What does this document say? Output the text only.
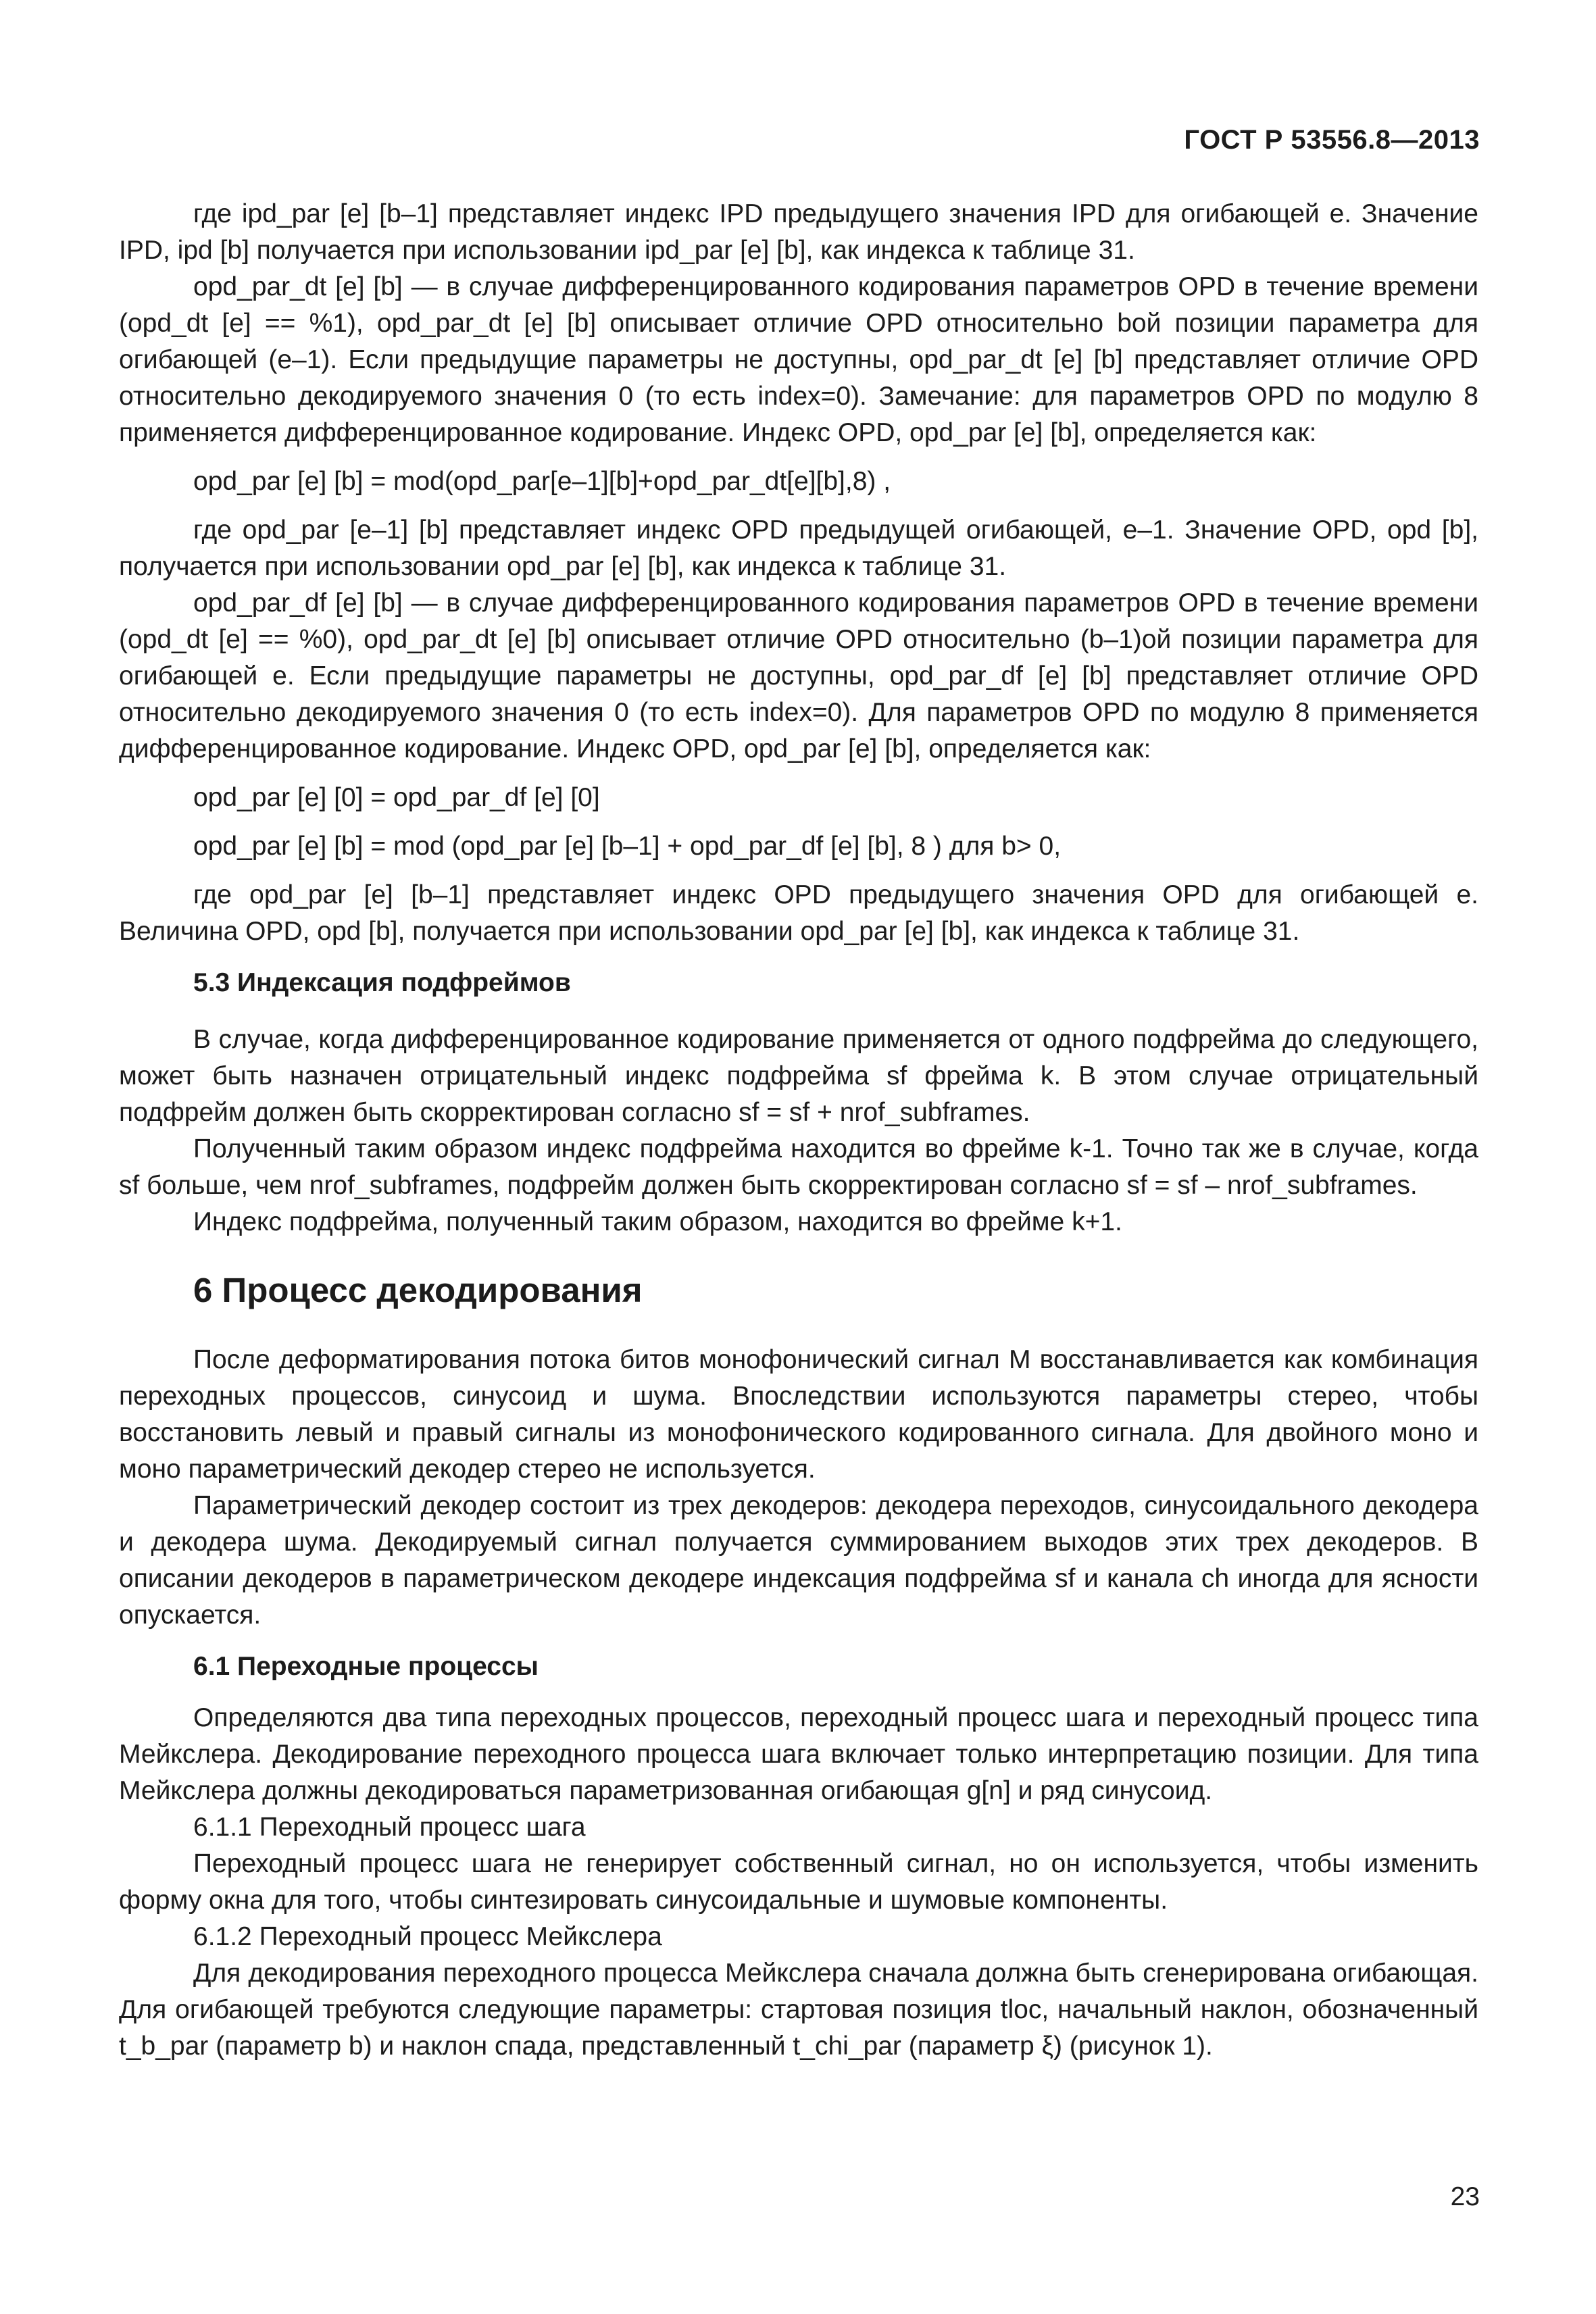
ГОСТ Р 53556.8—2013

где ipd_par [e] [b–1] представляет индекс IPD предыдущего значения IPD для огибающей e. Значение IPD, ipd [b] получается при использовании ipd_par [e] [b], как индекса к таблице 31.

opd_par_dt [e] [b] — в случае дифференцированного кодирования параметров OPD в течение времени (opd_dt [e] == %1), opd_par_dt [e] [b] описывает отличие OPD относительно bой позиции параметра для огибающей (e–1). Если предыдущие параметры не доступны, opd_par_dt [e] [b] представляет отличие OPD относительно декодируемого значения 0 (то есть index=0). Замечание: для параметров OPD по модулю 8 применяется дифференцированное кодирование. Индекс OPD, opd_par [e] [b], определяется как:

opd_par [e] [b] = mod(opd_par[e–1][b]+opd_par_dt[e][b],8) ,

где opd_par [e–1] [b] представляет индекс OPD предыдущей огибающей, e–1. Значение OPD, opd [b], получается при использовании opd_par [e] [b], как индекса к таблице 31.

opd_par_df [e] [b] — в случае дифференцированного кодирования параметров OPD в течение времени (opd_dt [e] == %0), opd_par_dt [e] [b] описывает отличие OPD относительно (b–1)ой позиции параметра для огибающей e. Если предыдущие параметры не доступны, opd_par_df [e] [b] представляет отличие OPD относительно декодируемого значения 0 (то есть index=0). Для параметров OPD по модулю 8 применяется дифференцированное кодирование. Индекс OPD, opd_par [e] [b], определяется как:

opd_par [e] [0] = opd_par_df [e] [0]

opd_par [e] [b] = mod (opd_par [e] [b–1] + opd_par_df [e] [b], 8 ) для b> 0,

где opd_par [e] [b–1] представляет индекс OPD предыдущего значения OPD для огибающей e. Величина OPD, opd [b], получается при использовании opd_par [e] [b], как индекса к таблице 31.

5.3 Индексация подфреймов

В случае, когда дифференцированное кодирование применяется от одного подфрейма до следующего, может быть назначен отрицательный индекс подфрейма sf фрейма k. В этом случае отрицательный подфрейм должен быть скорректирован согласно sf = sf + nrof_subframes.

Полученный таким образом индекс подфрейма находится во фрейме k-1. Точно так же в случае, когда sf больше, чем nrof_subframes, подфрейм должен быть скорректирован согласно sf = sf – nrof_subframes.

Индекс подфрейма, полученный таким образом, находится во фрейме k+1.

6 Процесс декодирования

После деформатирования потока битов монофонический сигнал M восстанавливается как комбинация переходных процессов, синусоид и шума. Впоследствии используются параметры стерео, чтобы восстановить левый и правый сигналы из монофонического кодированного сигнала. Для двойного моно и моно параметрический декодер стерео не используется.

Параметрический декодер состоит из трех декодеров: декодера переходов, синусоидального декодера и декодера шума. Декодируемый сигнал получается суммированием выходов этих трех декодеров. В описании декодеров в параметрическом декодере индексация подфрейма sf и канала ch иногда для ясности опускается.

6.1 Переходные процессы

Определяются два типа переходных процессов, переходный процесс шага и переходный процесс типа Мейкслера. Декодирование переходного процесса шага включает только интерпретацию позиции. Для типа Мейкслера должны декодироваться параметризованная огибающая g[n] и ряд синусоид.

6.1.1 Переходный процесс шага

Переходный процесс шага не генерирует собственный сигнал, но он используется, чтобы изменить форму окна для того, чтобы синтезировать синусоидальные и шумовые компоненты.

6.1.2 Переходный процесс Мейкслера

Для декодирования переходного процесса Мейкслера сначала должна быть сгенерирована огибающая. Для огибающей требуются следующие параметры: стартовая позиция tloc, начальный наклон, обозначенный t_b_par (параметр b) и наклон спада, представленный t_chi_par (параметр ξ) (рисунок 1).

23
